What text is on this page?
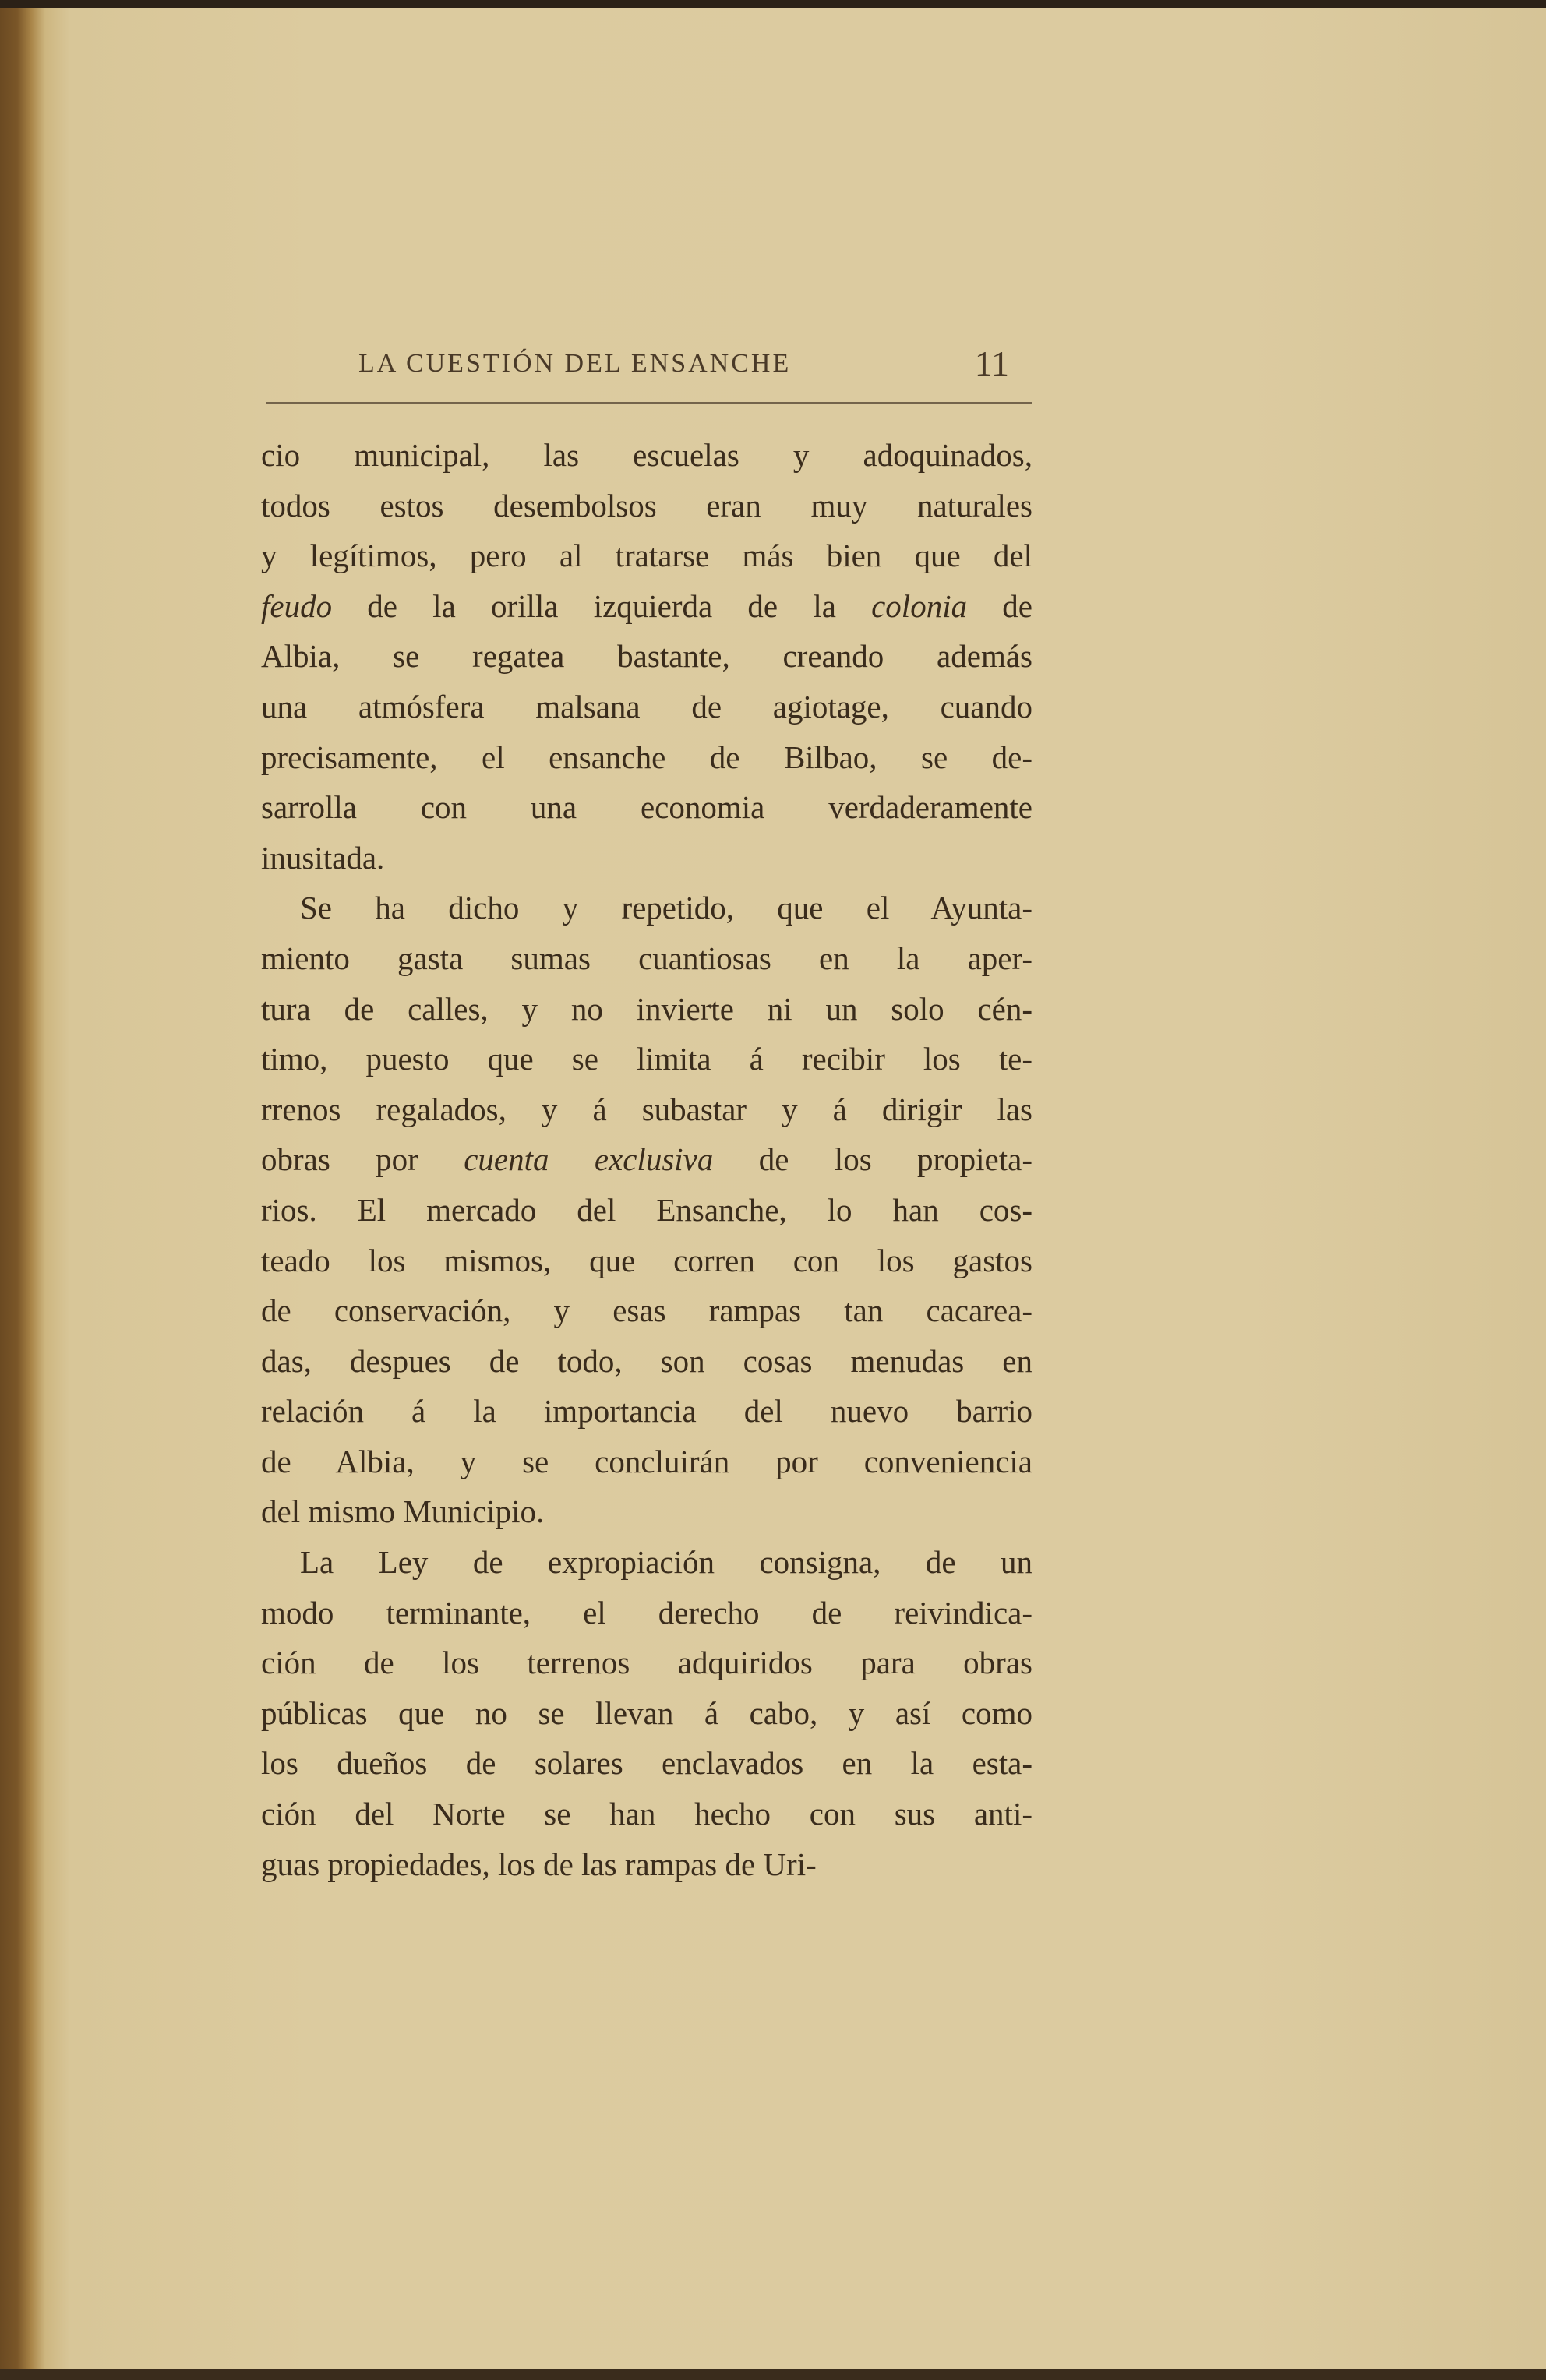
LA CUESTIÓN DEL ENSANCHE	11
cio municipal, las escuelas y adoquinados,
todos estos desembolsos eran muy naturales
y legítimos, pero al tratarse más bien que del
feudo de la orilla izquierda de la colonia de
Albia, se regatea bastante, creando además
una atmósfera malsana de agiotage, cuando
precisamente, el ensanche de Bilbao, se de-
sarrolla con una economia verdaderamente
inusitada.
Se ha dicho y repetido, que el Ayunta-
miento gasta sumas cuantiosas en la aper-
tura de calles, y no invierte ni un solo cén-
timo, puesto que se limita á recibir los te-
rrenos regalados, y á subastar y á dirigir las
obras por cuenta exclusiva de los propieta-
rios. El mercado del Ensanche, lo han cos-
teado los mismos, que corren con los gastos
de conservación, y esas rampas tan cacarea-
das, despues de todo, son cosas menudas en
relación á la importancia del nuevo barrio
de Albia, y se concluirán por conveniencia
del mismo Municipio.
La Ley de expropiación consigna, de un
modo terminante, el derecho de reivindica-
ción de los terrenos adquiridos para obras
públicas que no se llevan á cabo, y así como
los dueños de solares enclavados en la esta-
ción del Norte se han hecho con sus anti-
guas propiedades, los de las rampas de Uri-
